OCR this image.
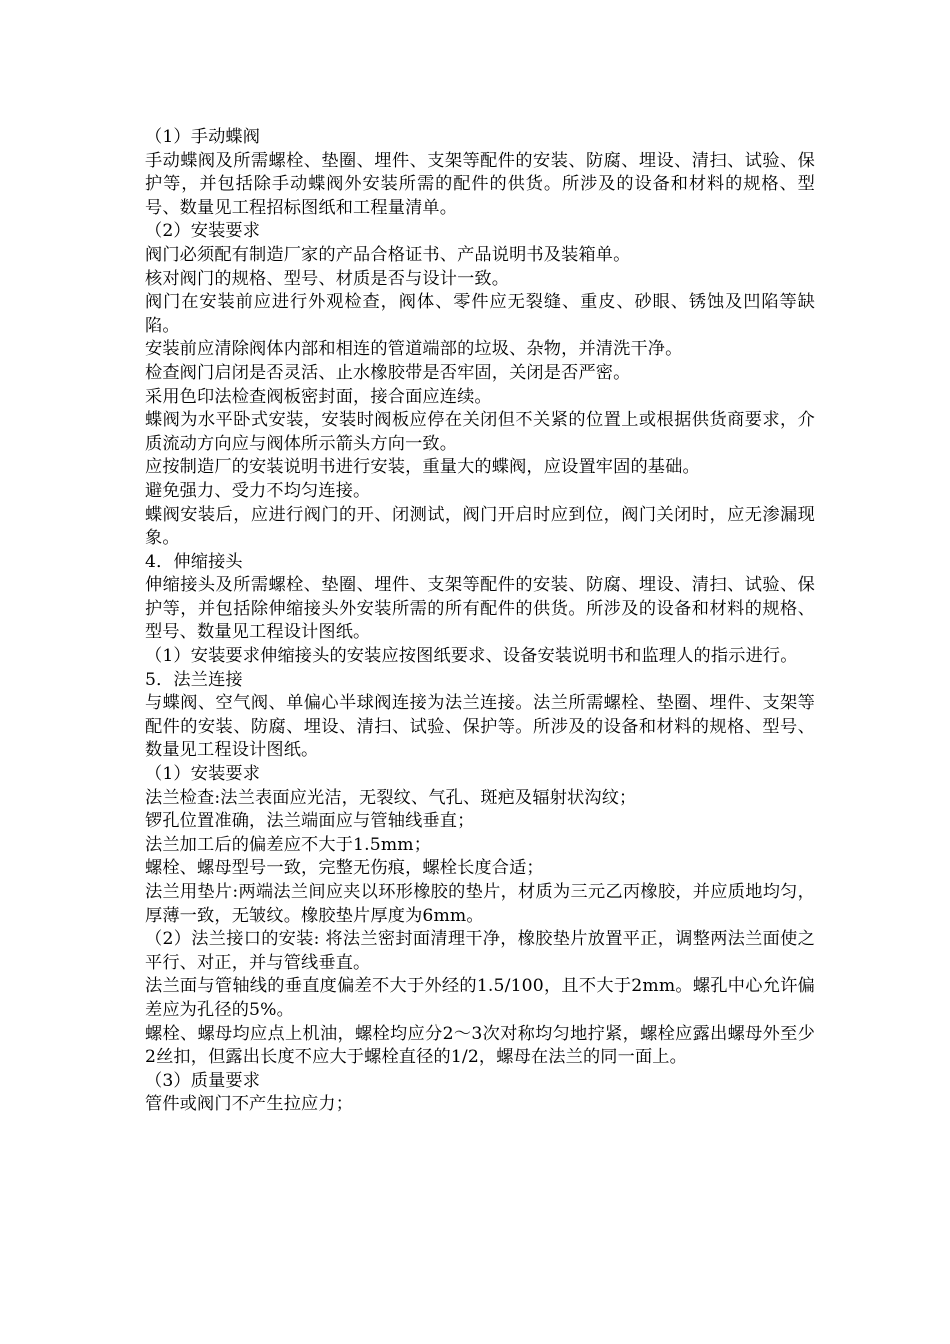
（1）手动蝶阀

手动蝶阀及所需螺栓、垫圈、埋件、支架等配件的安装、防腐、埋设、清扫、试验、保护等，并包括除手动蝶阀外安装所需的配件的供货。所涉及的设备和材料的规格、型号、数量见工程招标图纸和工程量清单。

（2）安装要求

阀门必须配有制造厂家的产品合格证书、产品说明书及装箱单。

核对阀门的规格、型号、材质是否与设计一致。

阀门在安装前应进行外观检查，阀体、零件应无裂缝、重皮、砂眼、锈蚀及凹陷等缺陷。

安装前应清除阀体内部和相连的管道端部的垃圾、杂物，并清洗干净。

检查阀门启闭是否灵活、止水橡胶带是否牢固，关闭是否严密。

采用色印法检查阀板密封面，接合面应连续。

蝶阀为水平卧式安装，安装时阀板应停在关闭但不关紧的位置上或根据供货商要求，介质流动方向应与阀体所示箭头方向一致。

应按制造厂的安装说明书进行安装，重量大的蝶阀，应设置牢固的基础。

避免强力、受力不均匀连接。

蝶阀安装后，应进行阀门的开、闭测试，阀门开启时应到位，阀门关闭时，应无渗漏现象。

4．伸缩接头

伸缩接头及所需螺栓、垫圈、埋件、支架等配件的安装、防腐、埋设、清扫、试验、保护等，并包括除伸缩接头外安装所需的所有配件的供货。所涉及的设备和材料的规格、型号、数量见工程设计图纸。

（1）安装要求伸缩接头的安装应按图纸要求、设备安装说明书和监理人的指示进行。

5．法兰连接

与蝶阀、空气阀、单偏心半球阀连接为法兰连接。法兰所需螺栓、垫圈、埋件、支架等配件的安装、防腐、埋设、清扫、试验、保护等。所涉及的设备和材料的规格、型号、数量见工程设计图纸。

（1）安装要求

法兰检查:法兰表面应光洁，无裂纹、气孔、斑疤及辐射状沟纹；

锣孔位置准确，法兰端面应与管轴线垂直；

法兰加工后的偏差应不大于1.5mm；

螺栓、螺母型号一致，完整无伤痕，螺栓长度合适；

法兰用垫片:两端法兰间应夹以环形橡胶的垫片，材质为三元乙丙橡胶，并应质地均匀，厚薄一致，无皱纹。橡胶垫片厚度为6mm。

（2）法兰接口的安装: 将法兰密封面清理干净，橡胶垫片放置平正，调整两法兰面使之平行、对正，并与管线垂直。

法兰面与管轴线的垂直度偏差不大于外经的1.5/100，且不大于2mm。螺孔中心允许偏差应为孔径的5%。

螺栓、螺母均应点上机油，螺栓均应分2～3次对称均匀地拧紧，螺栓应露出螺母外至少2丝扣，但露出长度不应大于螺栓直径的1/2，螺母在法兰的同一面上。

（3）质量要求

管件或阀门不产生拉应力；
